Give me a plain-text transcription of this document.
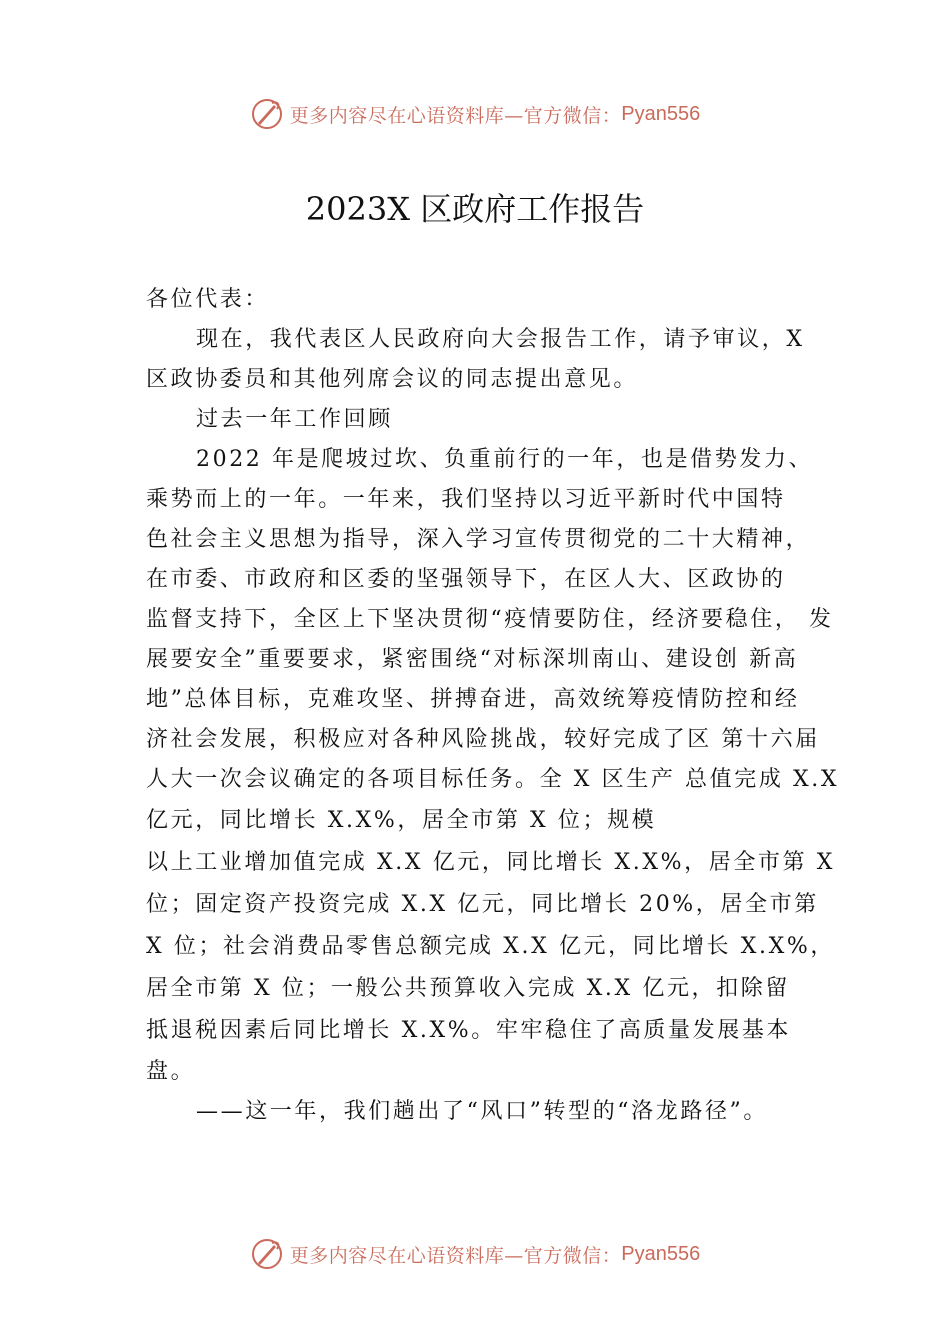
更多内容尽在心语资料库—官方微信： Pyan556
2023X 区政府工作报告
各位代表：
现在，我代表区人民政府向大会报告工作，请予审议，X
区政协委员和其他列席会议的同志提出意见。
过去一年工作回顾
2022 年是爬坡过坎、负重前行的一年，也是借势发力、
乘势而上的一年。一年来，我们坚持以习近平新时代中国特
色社会主义思想为指导，深入学习宣传贯彻党的二十大精神，
在市委、市政府和区委的坚强领导下，在区人大、区政协的
监督支持下，全区上下坚决贯彻“疫情要防住，经济要稳住， 发
展要安全”重要要求，紧密围绕“对标深圳南山、建设创 新高
地”总体目标，克难攻坚、拼搏奋进，高效统筹疫情防控和经
济社会发展，积极应对各种风险挑战，较好完成了区 第十六届
人大一次会议确定的各项目标任务。全 X 区生产 总值完成 X.X
亿元，同比增长 X.X%，居全市第 X 位；规模
以上工业增加值完成 X.X 亿元，同比增长 X.X%，居全市第 X
位；固定资产投资完成 X.X 亿元，同比增长 20%，居全市第
X 位；社会消费品零售总额完成 X.X 亿元，同比增长 X.X%，
居全市第 X 位；一般公共预算收入完成 X.X 亿元，扣除留
抵退税因素后同比增长 X.X%。牢牢稳住了高质量发展基本
盘。
——这一年，我们趟出了“风口”转型的“洛龙路径”。
更多内容尽在心语资料库—官方微信： Pyan556
